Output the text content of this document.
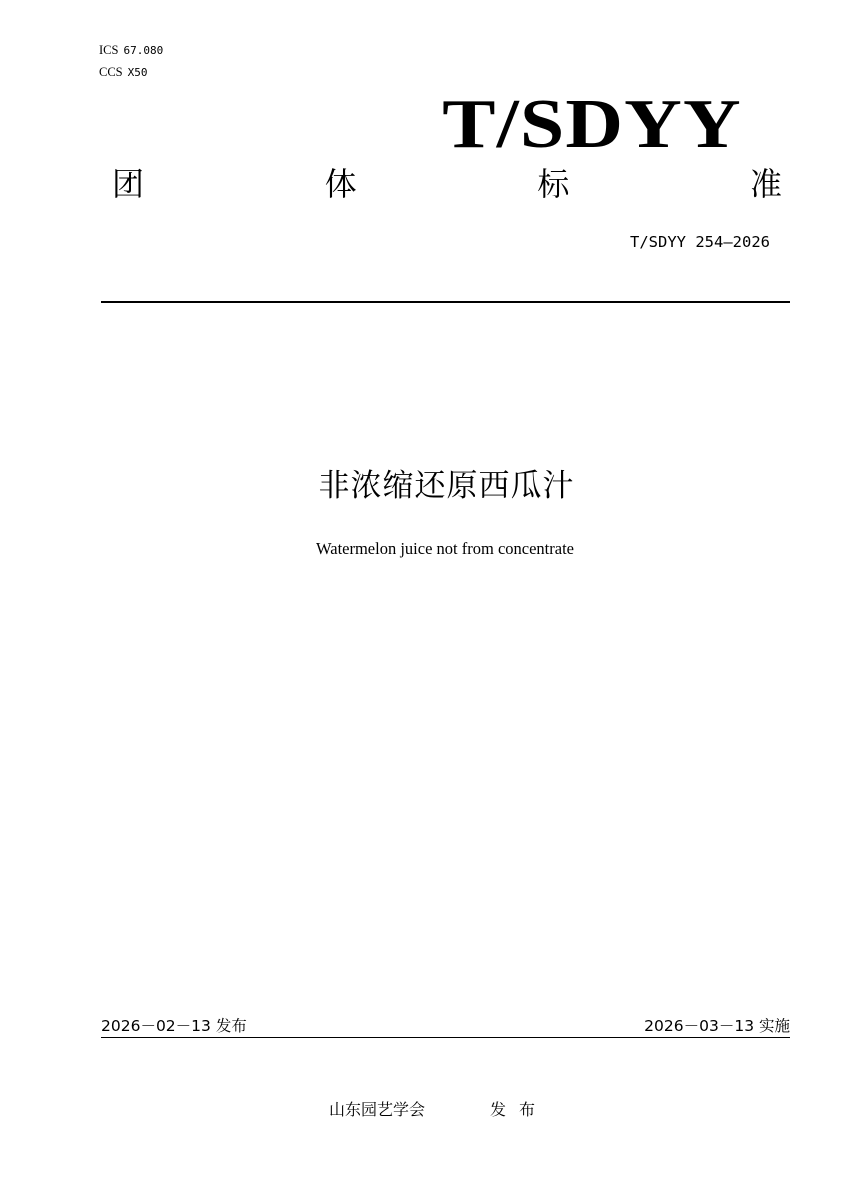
ICS 67.080
CCS X50
T/SDYY
团	体	标	准
T/SDYY 254—2026
非浓缩还原西瓜汁
Watermelon juice not from concentrate
2026－02－13 发布	2026－03－13 实施
山东园艺学会	发布
